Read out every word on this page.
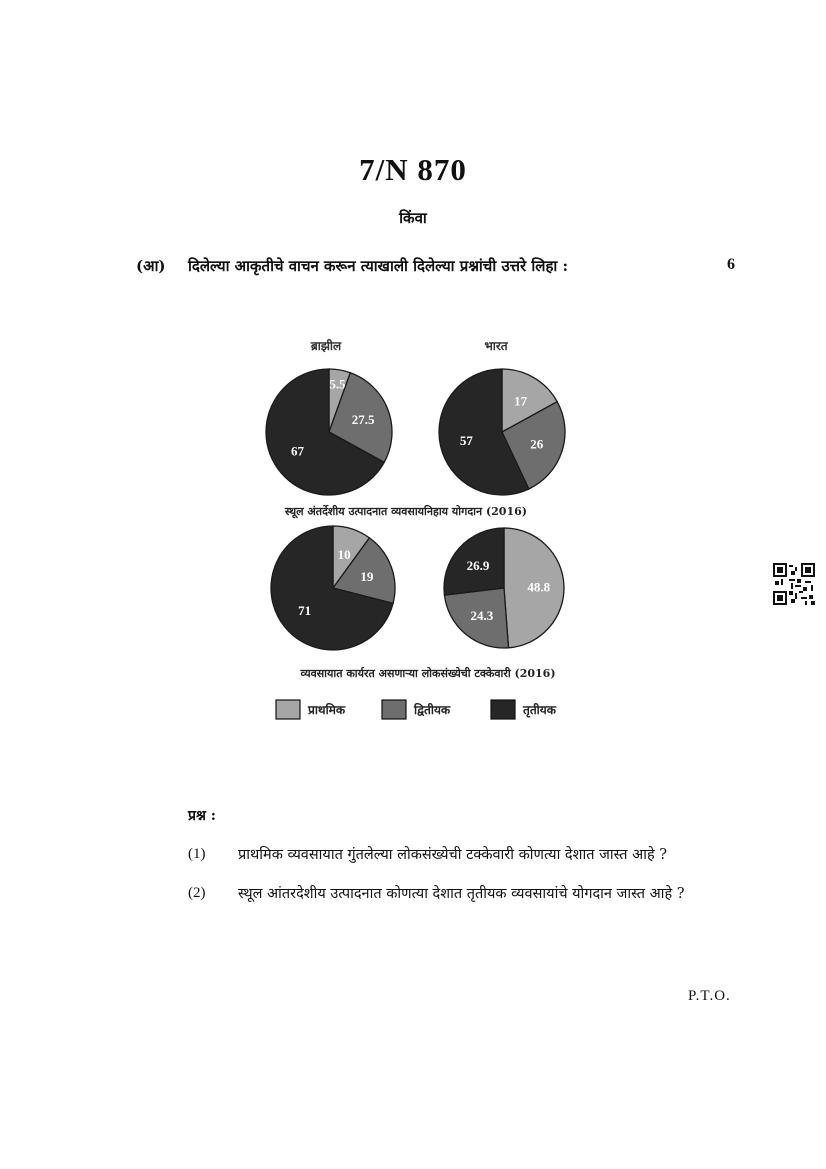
7/N 870
किंवा
(आ) दिलेल्या आकृतीचे वाचन करून त्याखाली दिलेल्या प्रश्नांची उत्तरे लिहा :	6
ब्राझील	भारत
5.5
27.5
67
17
26
57
स्थूल अंतर्देशीय उत्पादनात व्यवसायनिहाय योगदान (2016)
10
19
71
48.8
24.3
26.9
व्यवसायात कार्यरत असणाऱ्या लोकसंख्येची टक्केवारी (2016)
प्राथमिक	द्वितीयक	तृतीयक
प्रश्न :
(1) प्राथमिक व्यवसायात गुंतलेल्या लोकसंख्येची टक्केवारी कोणत्या देशात जास्त आहे ?
(2) स्थूल आंतरदेशीय उत्पादनात कोणत्या देशात तृतीयक व्यवसायांचे योगदान जास्त आहे ?
P.T.O.
